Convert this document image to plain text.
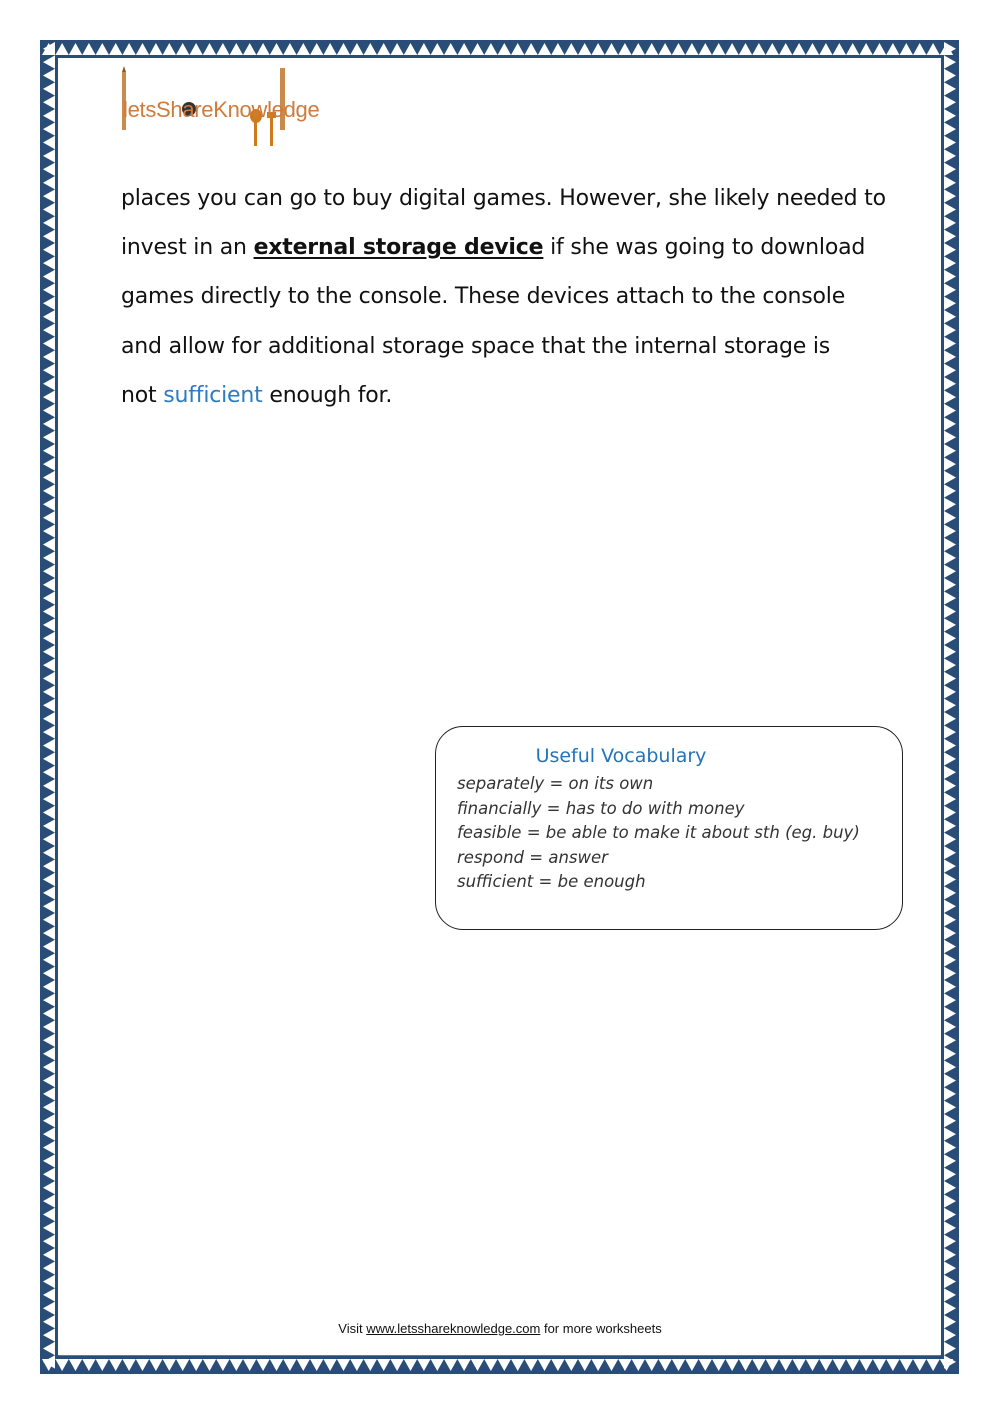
letsShareKnowledge

places you can go to buy digital games. However, she likely needed to

invest in an external storage device if she was going to download

games directly to the console. These devices attach to the console

and allow for additional storage space that the internal storage is

not sufficient enough for.

Useful Vocabulary
separately = on its own
financially = has to do with money
feasible = be able to make it about sth (eg. buy)
respond = answer
sufficient = be enough
Visit www.letsshareknowledge.com for more worksheets
